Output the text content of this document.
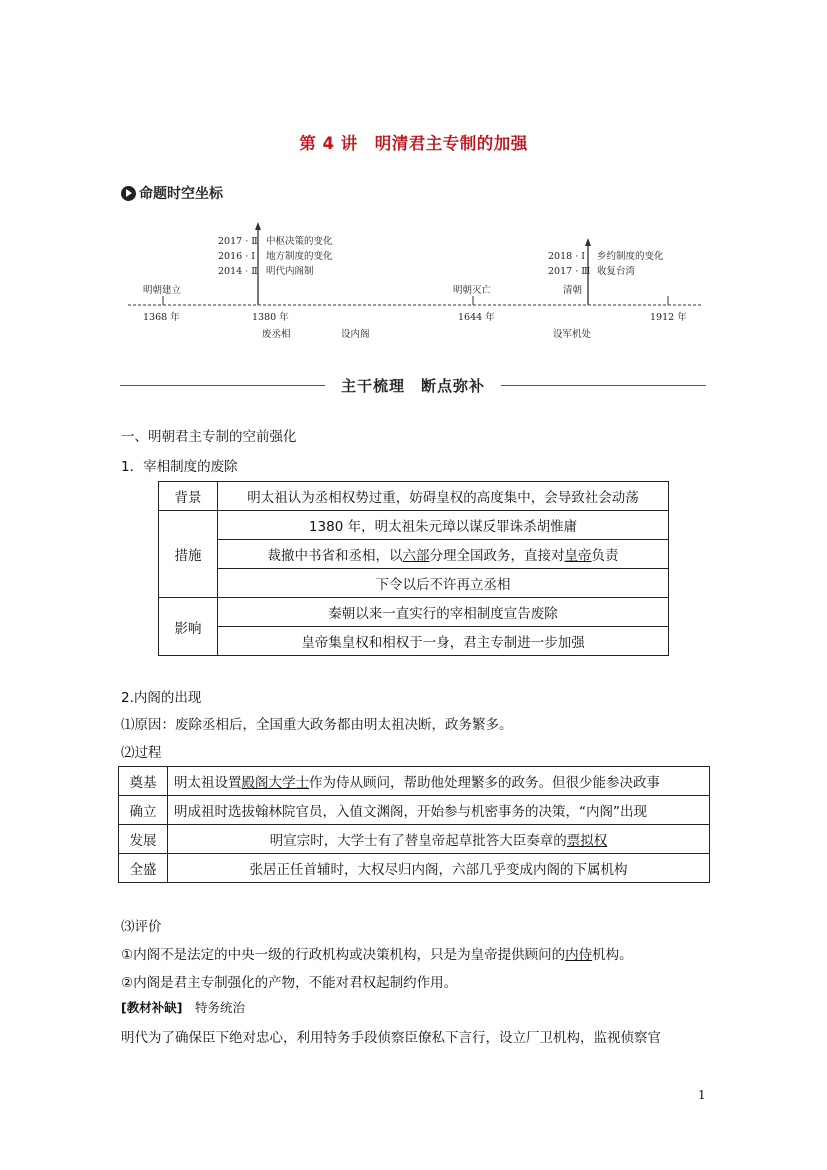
第 4 讲　明清君主专制的加强
命题时空坐标
2017 · Ⅱ
2016 · Ⅰ
2014 · Ⅱ
中枢决策的变化
地方制度的变化
明代内阁制
2018 · Ⅰ
2017 · Ⅲ
乡约制度的变化
收复台湾
明朝建立	明朝灭亡	清朝
1368 年	1380 年	1644 年	1912 年
废丞相	设内阁	设军机处
主干梳理　断点弥补
一、明朝君主专制的空前强化
1．宰相制度的废除
背景	明太祖认为丞相权势过重，妨碍皇权的高度集中，会导致社会动荡
措施	1380 年，明太祖朱元璋以谋反罪诛杀胡惟庸
	裁撤中书省和丞相，以六部分理全国政务，直接对皇帝负责
	下令以后不许再立丞相
影响	秦朝以来一直实行的宰相制度宣告废除
	皇帝集皇权和相权于一身，君主专制进一步加强
2.内阁的出现
⑴原因：废除丞相后，全国重大政务都由明太祖决断，政务繁多。
⑵过程
奠基	明太祖设置殿阁大学士作为侍从顾问，帮助他处理繁多的政务。但很少能参决政事
确立	明成祖时选拔翰林院官员，入值文渊阁，开始参与机密事务的决策，“内阁”出现
发展	明宣宗时，大学士有了替皇帝起草批答大臣奏章的票拟权
全盛	张居正任首辅时，大权尽归内阁，六部几乎变成内阁的下属机构
⑶评价
①内阁不是法定的中央一级的行政机构或决策机构，只是为皇帝提供顾问的内侍机构。
②内阁是君主专制强化的产物，不能对君权起制约作用。
[教材补缺]　 特务统治
明代为了确保臣下绝对忠心，利用特务手段侦察臣僚私下言行，设立厂卫机构，监视侦察官
1
